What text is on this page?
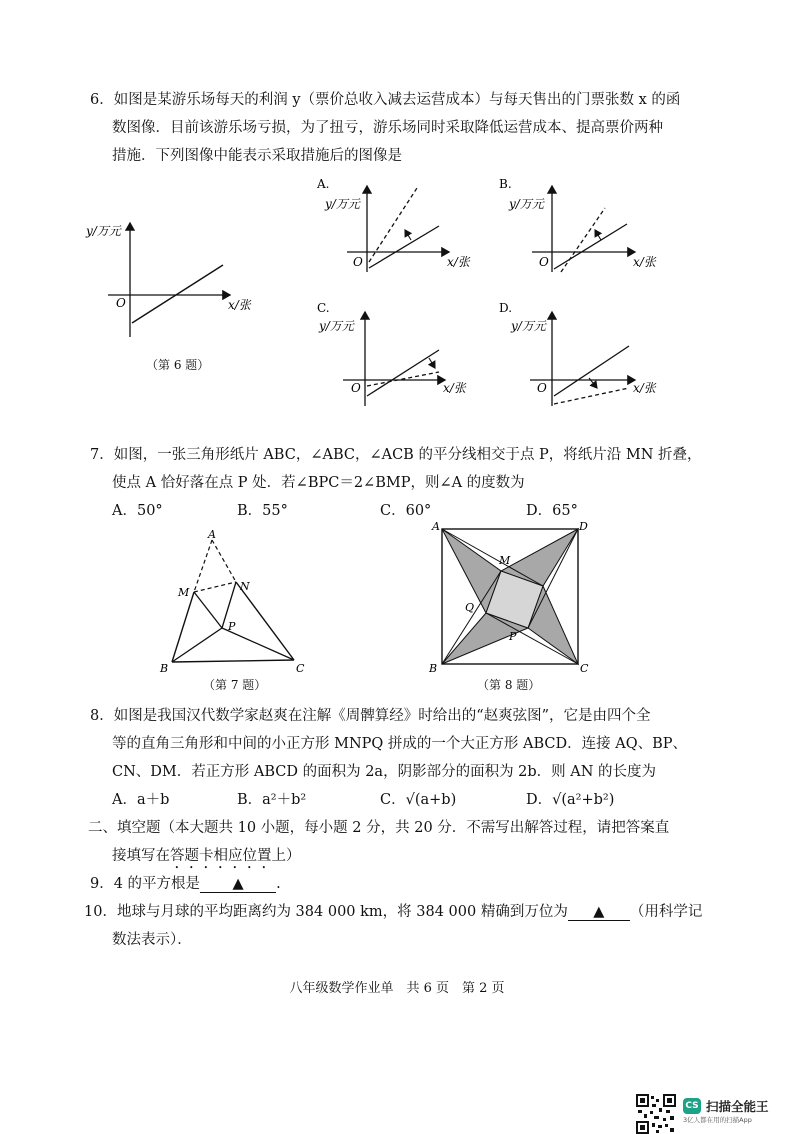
6．如图是某游乐场每天的利润 y（票价总收入减去运营成本）与每天售出的门票张数 x 的函
数图像．目前该游乐场亏损，为了扭亏，游乐场同时采取降低运营成本、提高票价两种
措施．下列图像中能表示采取措施后的图像是
y/万元
O	x/张
（第 6 题）
A.
y/万元
O	x/张
B.
y/万元
O	x/张
C.
y/万元
O	x/张
D.
y/万元
O	x/张
7．如图，一张三角形纸片 ABC，∠ABC，∠ACB 的平分线相交于点 P，将纸片沿 MN 折叠，
使点 A 恰好落在点 P 处．若∠BPC＝2∠BMP，则∠A 的度数为
A．50°	B．55°	C．60°	D．65°
A
M	N
P
B	C
（第 7 题）
A	D
M
Q
P
B	C
（第 8 题）
8．如图是我国汉代数学家赵爽在注解《周髀算经》时给出的“赵爽弦图”，它是由四个全
等的直角三角形和中间的小正方形 MNPQ 拼成的一个大正方形 ABCD．连接 AQ、BP、
CN、DM．若正方形 ABCD 的面积为 2a，阴影部分的面积为 2b．则 AN 的长度为
A．a＋b	B．a²＋b²	C．√(a+b)	D．√(a²+b²)
二、填空题（本大题共 10 小题，每小题 2 分，共 20 分．不需写出解答过程，请把答案直
接填写在答题卡相应位置上）
9．4 的平方根是 ▲ .
10．地球与月球的平均距离约为 384 000 km，将 384 000 精确到万位为 ▲ （用科学记
数法表示）．
八年级数学作业单　共 6 页　第 2 页
CS 扫描全能王
3亿人都在用的扫描App
